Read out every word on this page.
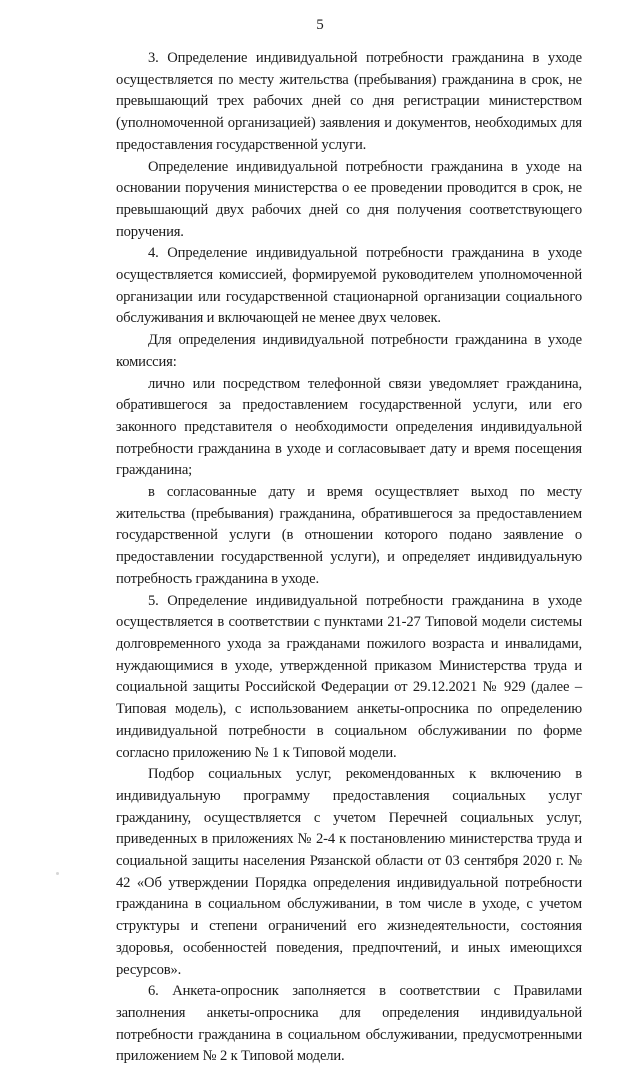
5

3. Определение индивидуальной потребности гражданина в уходе осуществляется по месту жительства (пребывания) гражданина в срок, не превышающий трех рабочих дней со дня регистрации министерством (уполномоченной организацией) заявления и документов, необходимых для предоставления государственной услуги.

Определение индивидуальной потребности гражданина в уходе на основании поручения министерства о ее проведении проводится в срок, не превышающий двух рабочих дней со дня получения соответствующего поручения.

4. Определение индивидуальной потребности гражданина в уходе осуществляется комиссией, формируемой руководителем уполномоченной организации или государственной стационарной организации социального обслуживания и включающей не менее двух человек.

Для определения индивидуальной потребности гражданина в уходе комиссия:

лично или посредством телефонной связи уведомляет гражданина, обратившегося за предоставлением государственной услуги, или его законного представителя о необходимости определения индивидуальной потребности гражданина в уходе и согласовывает дату и время посещения гражданина;

в согласованные дату и время осуществляет выход по месту жительства (пребывания) гражданина, обратившегося за предоставлением государственной услуги (в отношении которого подано заявление о предоставлении государственной услуги), и определяет индивидуальную потребность гражданина в уходе.

5. Определение индивидуальной потребности гражданина в уходе осуществляется в соответствии с пунктами 21-27 Типовой модели системы долговременного ухода за гражданами пожилого возраста и инвалидами, нуждающимися в уходе, утвержденной приказом Министерства труда и социальной защиты Российской Федерации от 29.12.2021 № 929 (далее – Типовая модель), с использованием анкеты-опросника по определению индивидуальной потребности в социальном обслуживании по форме согласно приложению № 1 к Типовой модели.

Подбор социальных услуг, рекомендованных к включению в индивидуальную программу предоставления социальных услуг гражданину, осуществляется с учетом Перечней социальных услуг, приведенных в приложениях № 2-4 к постановлению министерства труда и социальной защиты населения Рязанской области от 03 сентября 2020 г. № 42 «Об утверждении Порядка определения индивидуальной потребности гражданина в социальном обслуживании, в том числе в уходе, с учетом структуры и степени ограничений его жизнедеятельности, состояния здоровья, особенностей поведения, предпочтений, и иных имеющихся ресурсов».

6. Анкета-опросник заполняется в соответствии с Правилами заполнения анкеты-опросника для определения индивидуальной потребности гражданина в социальном обслуживании, предусмотренными приложением № 2 к Типовой модели.
